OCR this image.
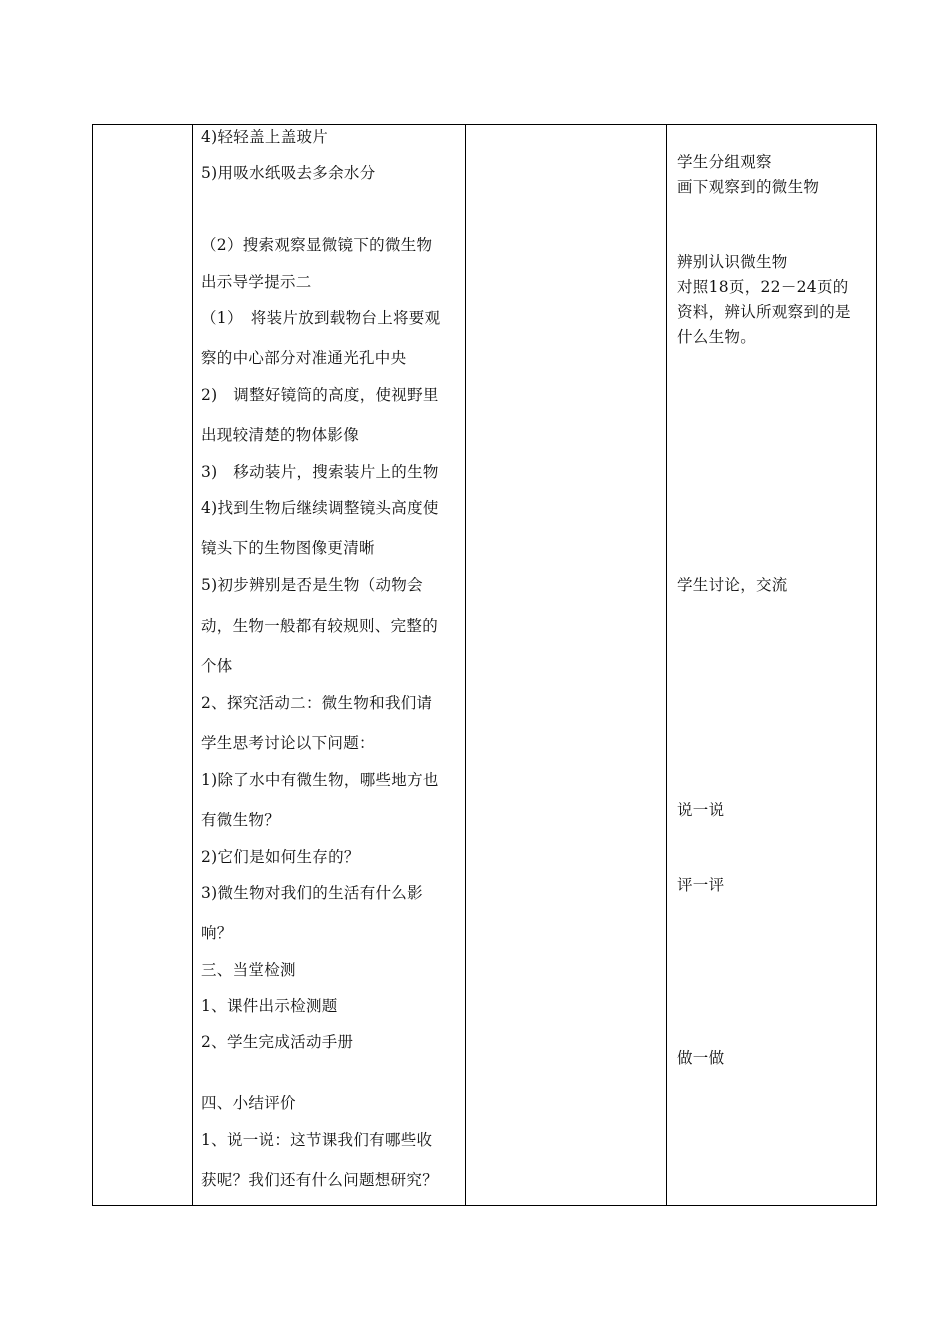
4)轻轻盖上盖玻片
5)用吸水纸吸去多余水分
（2）搜索观察显微镜下的微生物
出示导学提示二
（1）　将装片放到载物台上将要观
察的中心部分对准通光孔中央
2)　调整好镜筒的高度，使视野里
出现较清楚的物体影像
3)　移动装片，搜索装片上的生物
4)找到生物后继续调整镜头高度使
镜头下的生物图像更清晰
5)初步辨别是否是生物（动物会
动，生物一般都有较规则、完整的
个体
2、探究活动二：微生物和我们请
学生思考讨论以下问题：
1)除了水中有微生物，哪些地方也
有微生物？
2)它们是如何生存的？
3)微生物对我们的生活有什么影
响？
三、当堂检测
1、课件出示检测题
2、学生完成活动手册
四、小结评价
1、说一说：这节课我们有哪些收
获呢？我们还有什么问题想研究？
学生分组观察
画下观察到的微生物
辨别认识微生物
对照18页，22－24页的
资料，辨认所观察到的是
什么生物。
学生讨论，交流
说一说
评一评
做一做
